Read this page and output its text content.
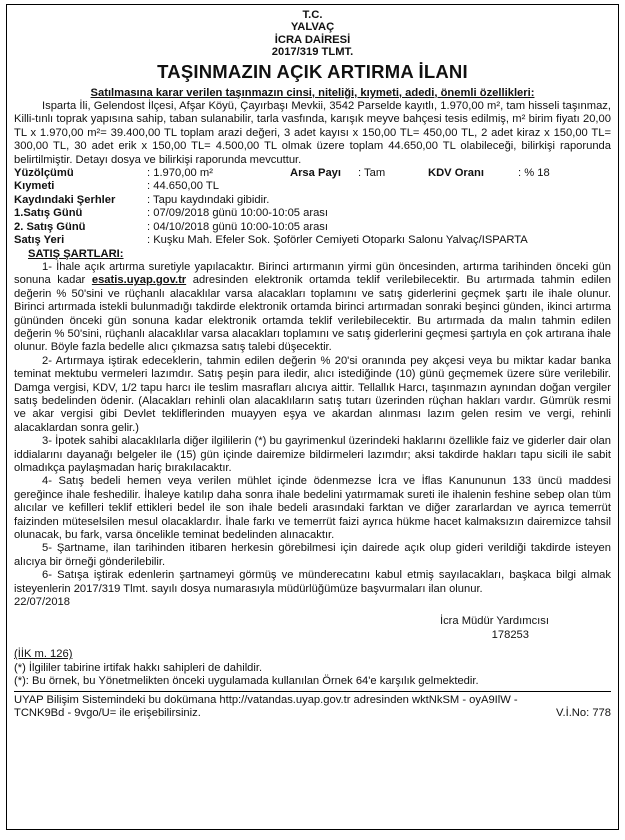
T.C.
YALVAÇ
İCRA DAİRESİ
2017/319 TLMT.
TAŞINMAZIN AÇIK ARTIRMA İLANI
Satılmasına karar verilen taşınmazın cinsi, niteliği, kıymeti, adedi, önemli özellikleri:

Isparta İli, Gelendost İlçesi, Afşar Köyü, Çayırbaşı Mevkii, 3542 Parselde kayıtlı, 1.970,00 m², tam hisseli taşınmaz, Killi-tınlı toprak yapısına sahip, taban sulanabilir, tarla vasfında, karışık meyve bahçesi tesis edilmiş, m² birim fiyatı 20,00 TL x 1.970,00 m²= 39.400,00 TL toplam arazi değeri, 3 adet kayısı x 150,00 TL= 450,00 TL, 2 adet kiraz x 150,00 TL= 300,00 TL, 30 adet erik x 150,00 TL= 4.500,00 TL olmak üzere toplam 44.650,00 TL olabileceği, bilirkişi raporunda belirtilmiştir. Detayı dosya ve bilirkişi raporunda mevcuttur.

Yüzölçümü	: 1.970,00 m²	Arsa Payı	: Tam	KDV Oranı	: % 18
Kıymeti	: 44.650,00 TL
Kaydındaki Şerhler	: Tapu kaydındaki gibidir.
1.Satış Günü	: 07/09/2018 günü 10:00-10:05 arası
2. Satış Günü	: 04/10/2018 günü 10:00-10:05 arası
Satış Yeri	: Kuşku Mah. Efeler Sok. Şoförler Cemiyeti Otoparkı Salonu Yalvaç/ISPARTA
SATIŞ ŞARTLARI:

1- İhale açık artırma suretiyle yapılacaktır. Birinci artırmanın yirmi gün öncesinden, artırma tarihinden önceki gün sonuna kadar esatis.uyap.gov.tr adresinden elektronik ortamda teklif verilebilecektir. Bu artırmada tahmin edilen değerin % 50'sini ve rüçhanlı alacaklılar varsa alacakları toplamını ve satış giderlerini geçmek şartı ile ihale olunur. Birinci artırmada istekli bulunmadığı takdirde elektronik ortamda birinci artırmadan sonraki beşinci günden, ikinci artırma gününden önceki gün sonuna kadar elektronik ortamda teklif verilebilecektir. Bu artırmada da malın tahmin edilen değerin % 50'sini, rüçhanlı alacaklılar varsa alacakları toplamını ve satış giderlerini geçmesi şartıyla en çok artırana ihale olunur. Böyle fazla bedelle alıcı çıkmazsa satış talebi düşecektir.

2- Artırmaya iştirak edeceklerin, tahmin edilen değerin % 20'si oranında pey akçesi veya bu miktar kadar banka teminat mektubu vermeleri lazımdır. Satış peşin para iledir, alıcı istediğinde (10) günü geçmemek üzere süre verilebilir. Damga vergisi, KDV, 1/2 tapu harcı ile teslim masrafları alıcıya aittir. Tellallık Harcı, taşınmazın aynından doğan vergiler satış bedelinden ödenir. (Alacakları rehinli olan alacaklıların satış tutarı üzerinden rüçhan hakları vardır. Gümrük resmi ve akar vergisi gibi Devlet tekliflerinden muayyen eşya ve akardan alınması lazım gelen resim ve vergi, rehinli alacaklardan sonra gelir.)

3- İpotek sahibi alacaklılarla diğer ilgililerin (*) bu gayrimenkul üzerindeki haklarını özellikle faiz ve giderler dair olan iddialarını dayanağı belgeler ile (15) gün içinde dairemize bildirmeleri lazımdır; aksi takdirde hakları tapu sicili ile sabit olmadıkça paylaşmadan hariç bırakılacaktır.

4- Satış bedeli hemen veya verilen mühlet içinde ödenmezse İcra ve İflas Kanununun 133 üncü maddesi gereğince ihale feshedilir. İhaleye katılıp daha sonra ihale bedelini yatırmamak sureti ile ihalenin feshine sebep olan tüm alıcılar ve kefilleri teklif ettikleri bedel ile son ihale bedeli arasındaki farktan ve diğer zararlardan ve ayrıca temerrüt faizinden müteselsilen mesul olacaklardır. İhale farkı ve temerrüt faizi ayrıca hükme hacet kalmaksızın dairemizce tahsil olunacak, bu fark, varsa öncelikle teminat bedelinden alınacaktır.

5- Şartname, ilan tarihinden itibaren herkesin görebilmesi için dairede açık olup gideri verildiği takdirde isteyen alıcıya bir örneği gönderilebilir.

6- Satışa iştirak edenlerin şartnameyi görmüş ve münderecatını kabul etmiş sayılacakları, başkaca bilgi almak isteyenlerin 2017/319 Tlmt. sayılı dosya numarasıyla müdürlüğümüze başvurmaları ilan olunur.

22/07/2018
İcra Müdür Yardımcısı
178253
(İİK m. 126)
(*) İlgililer tabirine irtifak hakkı sahipleri de dahildir.
(*): Bu örnek, bu Yönetmelikten önceki uygulamada kullanılan Örnek 64'e karşılık gelmektedir.
UYAP Bilişim Sistemindeki bu dokümana http://vatandas.uyap.gov.tr adresinden wktNkSM - oyA9IlW -
TCNK9Bd - 9vgo/U= ile erişebilirsiniz.	V.İ.No: 778
